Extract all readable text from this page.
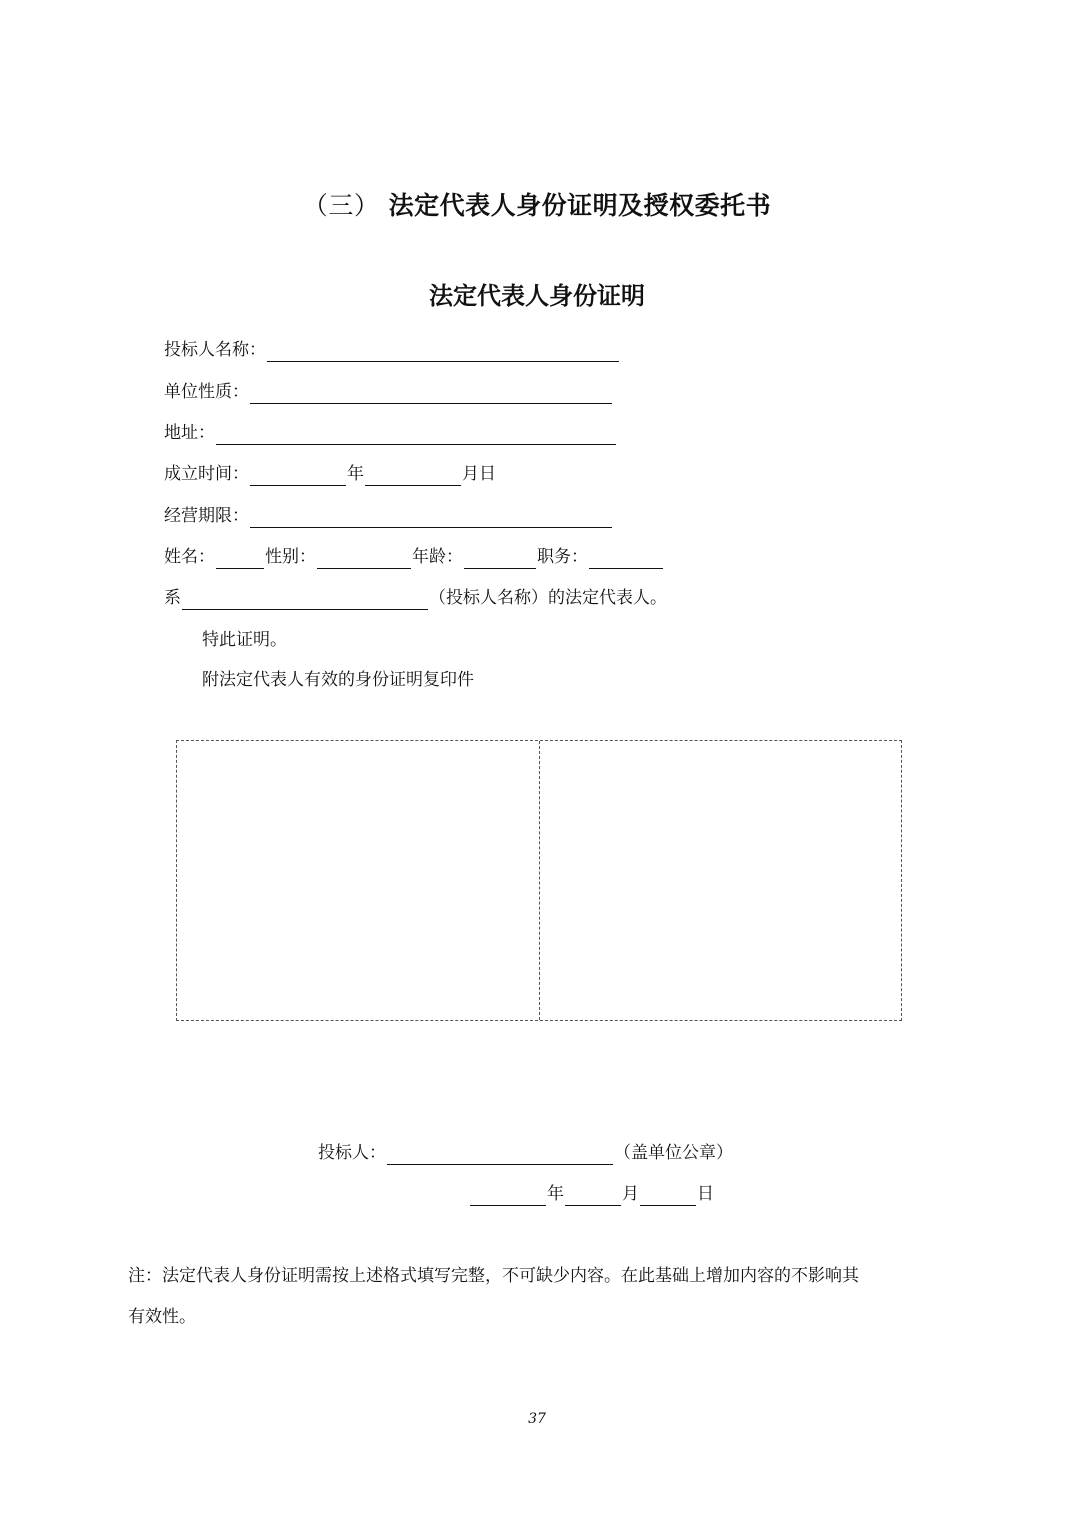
（三） 法定代表人身份证明及授权委托书
法定代表人身份证明
投标人名称：
单位性质：
地址：
成立时间：	年	月日
经营期限：
姓名：	性别：	年龄：	职务：
系	（投标人名称）的法定代表人。
特此证明。
附法定代表人有效的身份证明复印件
投标人：	（盖单位公章）
年	月	日
注：法定代表人身份证明需按上述格式填写完整，不可缺少内容。在此基础上增加内容的不影响其
有效性。
37
